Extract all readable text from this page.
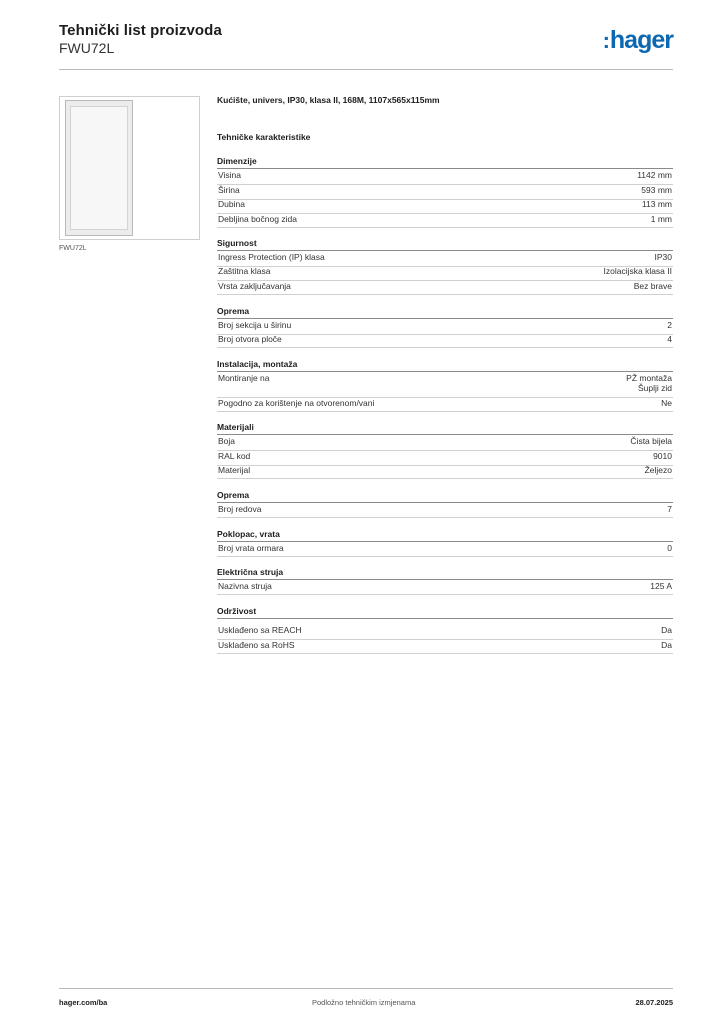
Tehnički list proizvoda
FWU72L	:hager
FWU72L
Kućište, univers, IP30, klasa II, 168M, 1107x565x115mm
Tehničke karakteristike
Dimenzije
Visina	1142 mm
Širina	593 mm
Dubina	113 mm
Debljina bočnog zida	1 mm
Sigurnost
Ingress Protection (IP) klasa	IP30
Zaštitna klasa	Izolacijska klasa II
Vrsta zaključavanja	Bez brave
Oprema
Broj sekcija u širinu	2
Broj otvora ploče	4
Instalacija, montaža
Montiranje na	PŽ montaža
Šuplji zid
Pogodno za korištenje na otvorenom/vani	Ne
Materijali
Boja	Čista bijela
RAL kod	9010
Materijal	Željezo
Oprema
Broj redova	7
Poklopac, vrata
Broj vrata ormara	0
Električna struja
Nazivna struja	125 A
Održivost
Usklađeno sa REACH	Da
Usklađeno sa RoHS	Da
hager.com/ba	Podložno tehničkim izmjenama	28.07.2025
